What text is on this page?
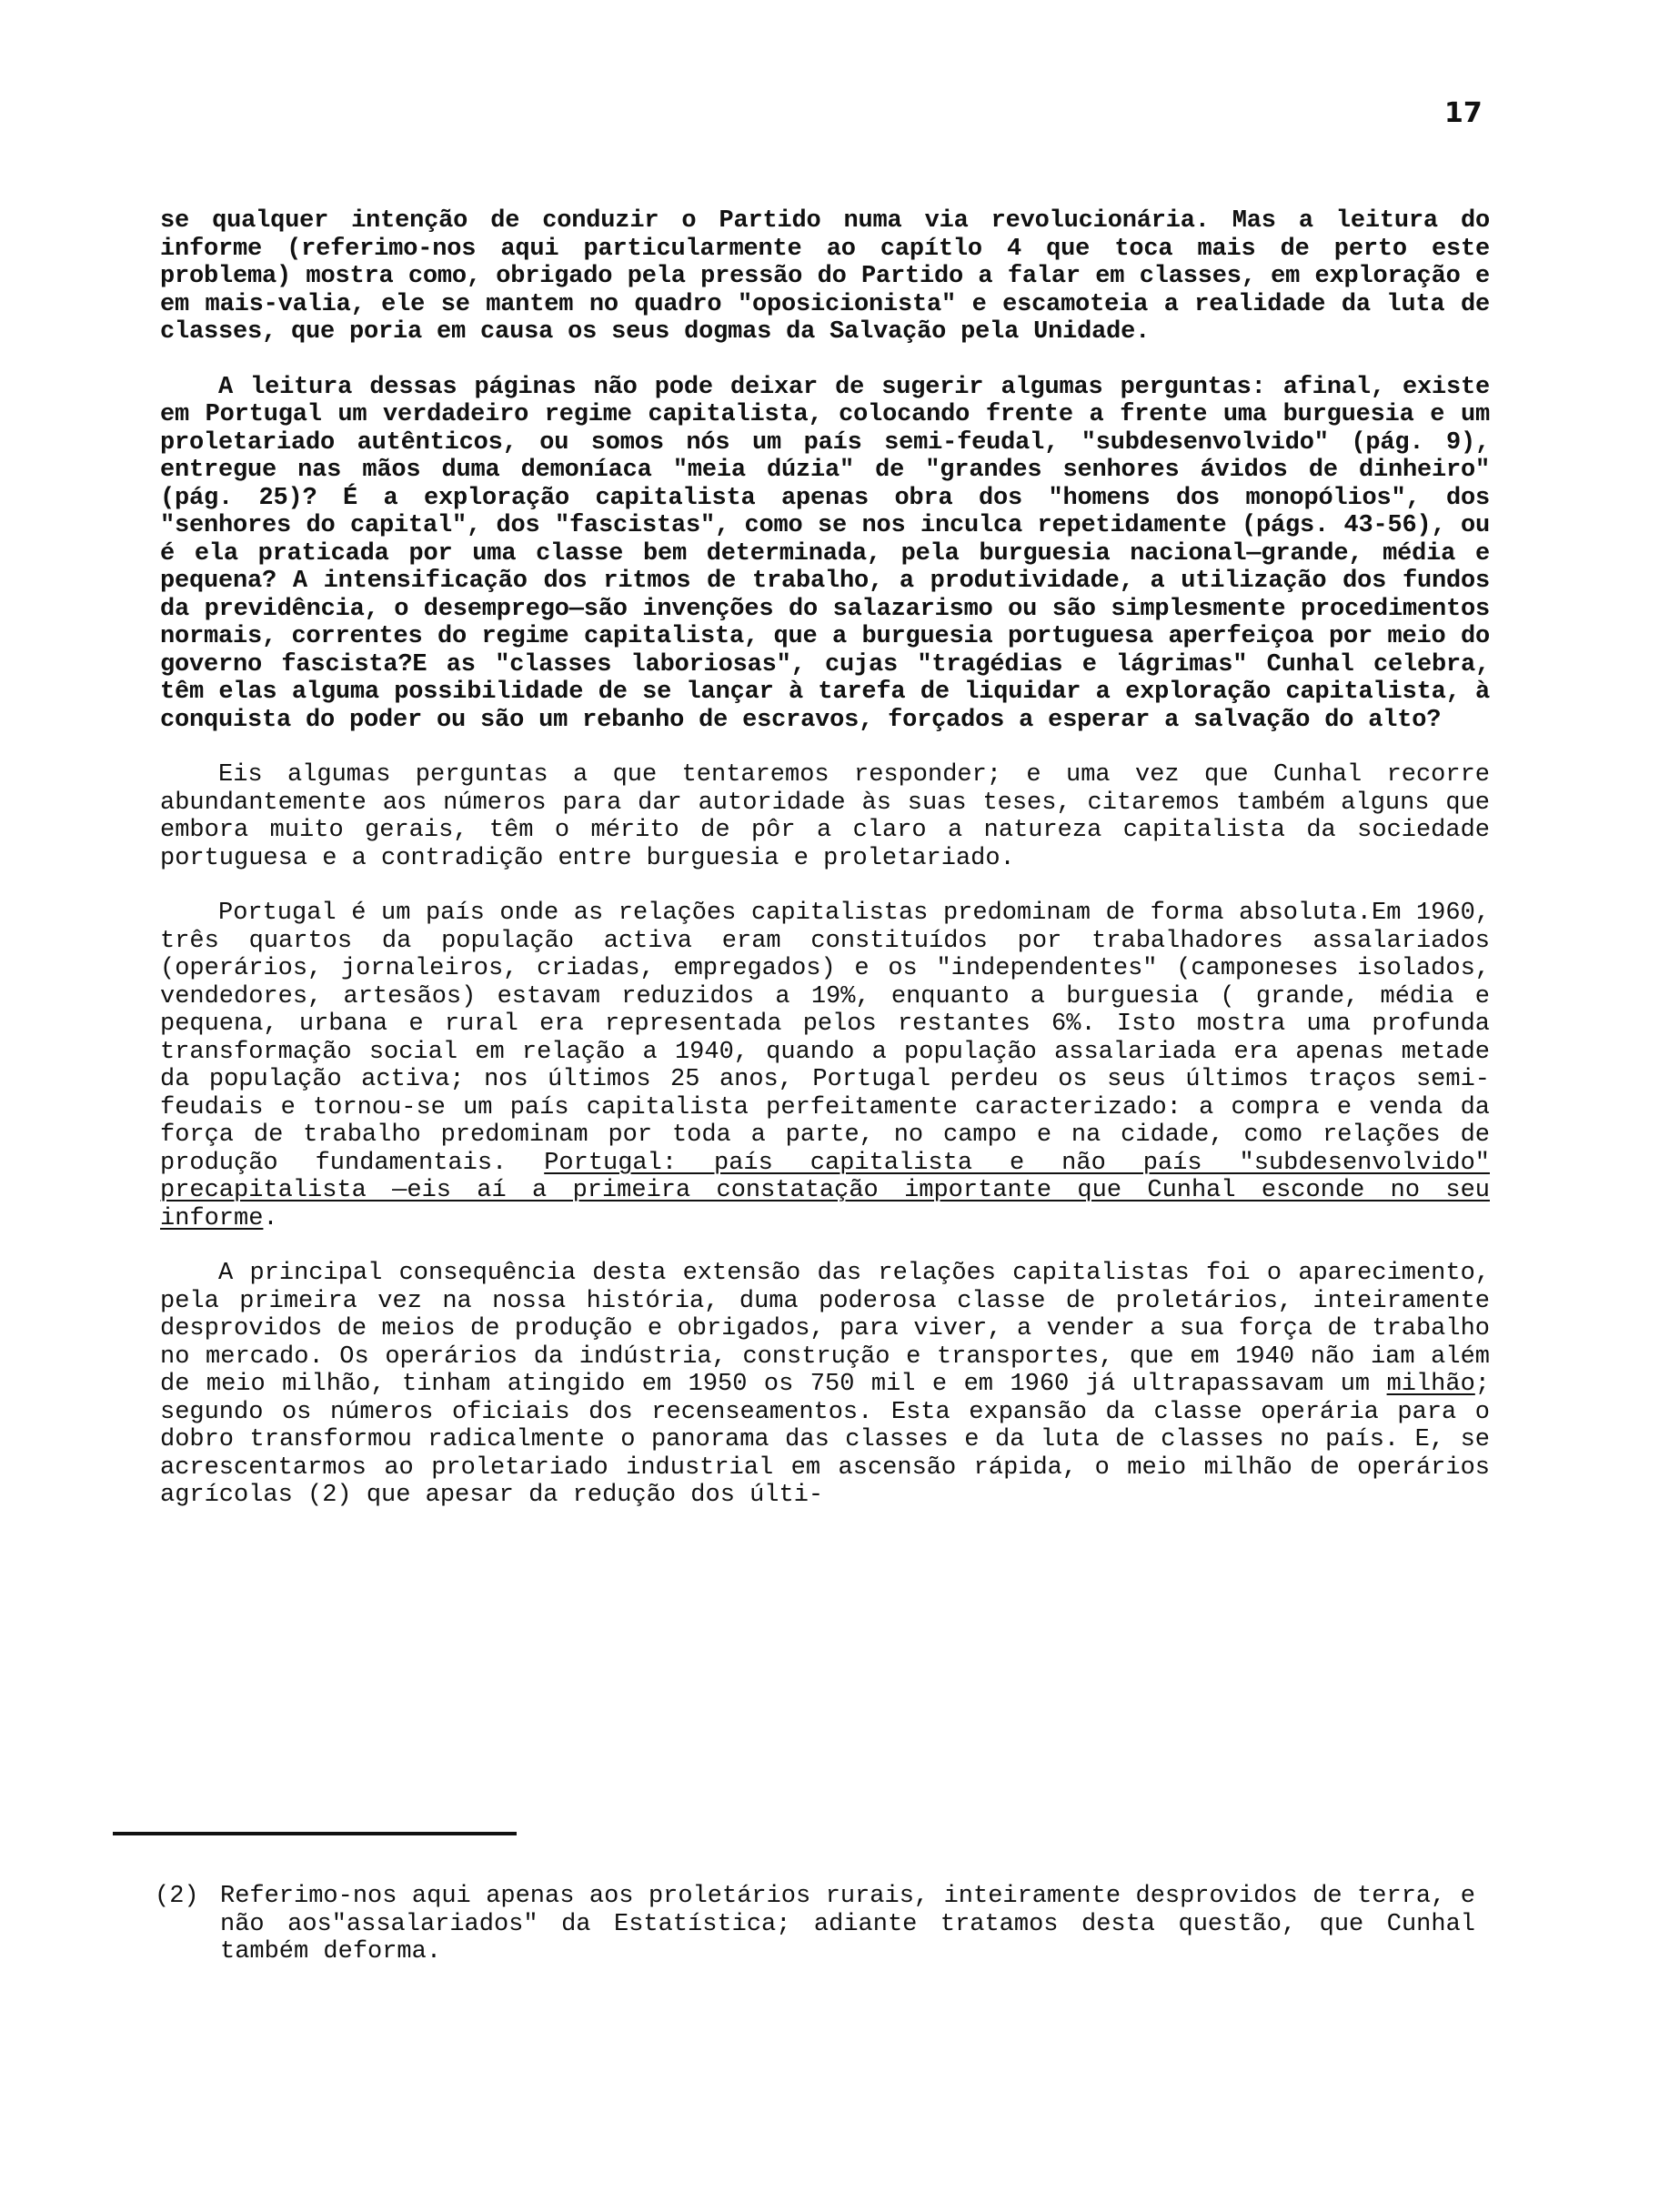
17

se qualquer intenção de conduzir o Partido numa via revolucionária. Mas a leitura do informe (referimo-nos aqui particularmente ao capítlo 4 que toca mais de perto este problema) mostra como, obrigado pela pressão do Partido a falar em classes, em exploração e em mais-valia, ele se mantem no quadro "oposicionista" e escamoteia a realidade da luta de classes, que poria em causa os seus dogmas da Salvação pela Unidade.

A leitura dessas páginas não pode deixar de sugerir algumas perguntas: afinal, existe em Portugal um verdadeiro regime capitalista, colocando frente a frente uma burguesia e um proletariado autênticos, ou somos nós um país semi-feudal, "subdesenvolvido" (pág. 9), entregue nas mãos duma demoníaca "meia dúzia" de "grandes senhores ávidos de dinheiro" (pág. 25)? É a exploração capitalista apenas obra dos "homens dos monopólios", dos "senhores do capital", dos "fascistas", como se nos inculca repetidamente (págs. 43-56), ou é ela praticada por uma classe bem determinada, pela burguesia nacional—grande, média e pequena? A intensificação dos ritmos de trabalho, a produtividade, a utilização dos fundos da previdência, o desemprego—são invenções do salazarismo ou são simplesmente procedimentos normais, correntes do regime capitalista, que a burguesia portuguesa aperfeiçoa por meio do governo fascista?E as "classes laboriosas", cujas "tragédias e lágrimas" Cunhal celebra, têm elas alguma possibilidade de se lançar à tarefa de liquidar a exploração capitalista, à conquista do poder ou são um rebanho de escravos, forçados a esperar a salvação do alto?

Eis algumas perguntas a que tentaremos responder; e uma vez que Cunhal recorre abundantemente aos números para dar autoridade às suas teses, citaremos também alguns que embora muito gerais, têm o mérito de pôr a claro a natureza capitalista da sociedade portuguesa e a contradição entre burguesia e proletariado.

Portugal é um país onde as relações capitalistas predominam de forma absoluta.Em 1960, três quartos da população activa eram constituídos por trabalhadores assalariados (operários, jornaleiros, criadas, empregados) e os "independentes" (camponeses isolados, vendedores, artesãos) estavam reduzidos a 19%, enquanto a burguesia ( grande, média e pequena, urbana e rural era representada pelos restantes 6%. Isto mostra uma profunda transformação social em relação a 1940, quando a população assalariada era apenas metade da população activa; nos últimos 25 anos, Portugal perdeu os seus últimos traços semi-feudais e tornou-se um país capitalista perfeitamente caracterizado: a compra e venda da força de trabalho predominam por toda a parte, no campo e na cidade, como relações de produção fundamentais. Portugal: país capitalista e não país "subdesenvolvido" precapitalista —eis aí a primeira constatação importante que Cunhal esconde no seu informe.

A principal consequência desta extensão das relações capitalistas foi o aparecimento, pela primeira vez na nossa história, duma poderosa classe de proletários, inteiramente desprovidos de meios de produção e obrigados, para viver, a vender a sua força de trabalho no mercado. Os operários da indústria, construção e transportes, que em 1940 não iam além de meio milhão, tinham atingido em 1950 os 750 mil e em 1960 já ultrapassavam um milhão; segundo os números oficiais dos recenseamentos. Esta expansão da classe operária para o dobro transformou radicalmente o panorama das classes e da luta de classes no país. E, se acrescentarmos ao proletariado industrial em ascensão rápida, o meio milhão de operários agrícolas (2) que apesar da redução dos últi-

(2) Referimo-nos aqui apenas aos proletários rurais, inteiramente desprovidos de terra, e não aos"assalariados" da Estatística; adiante tratamos desta questão, que Cunhal também deforma.
